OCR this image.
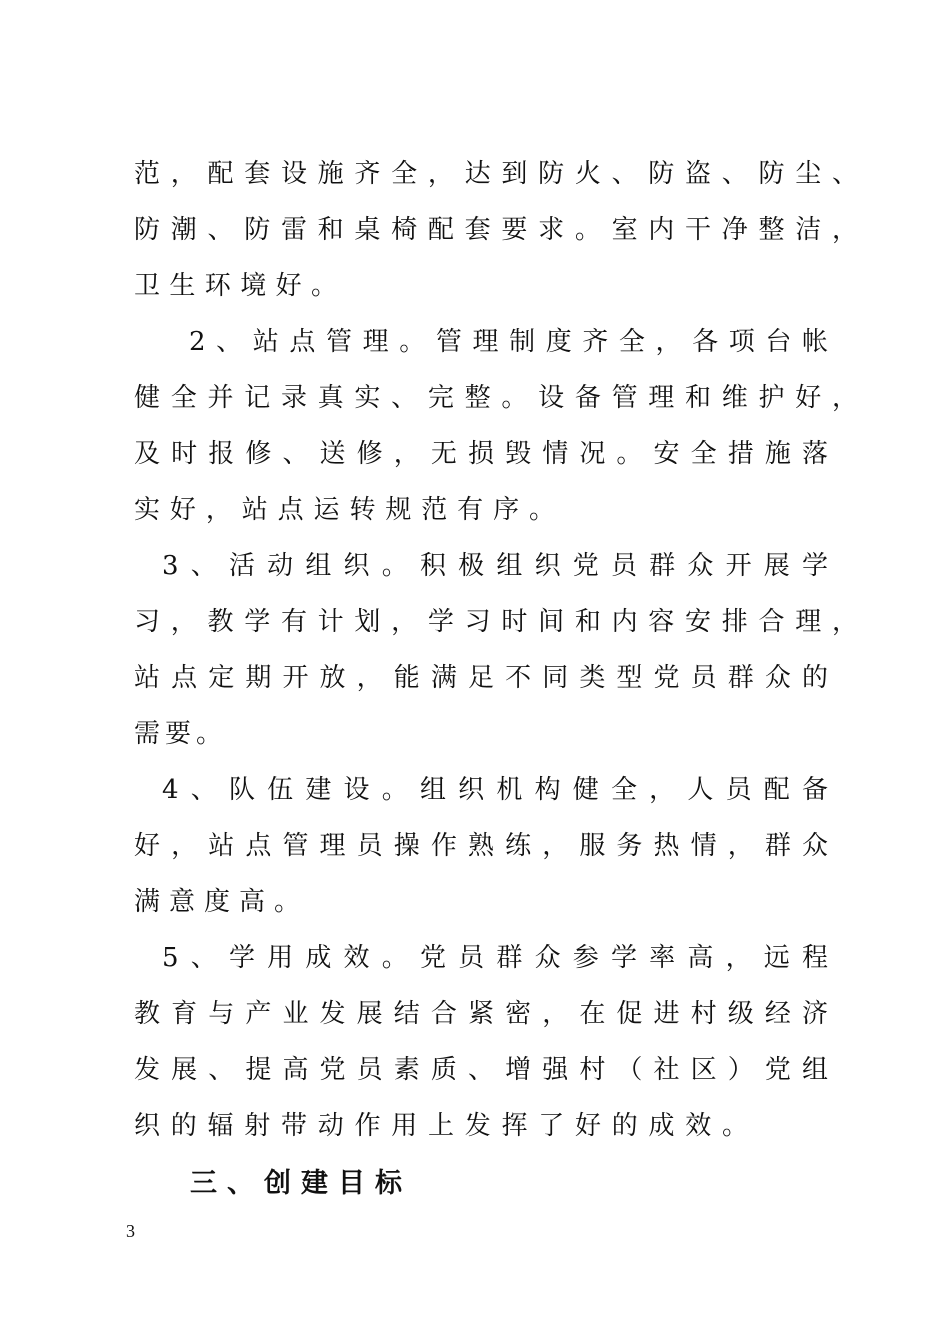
范，配套设施齐全，达到防火、防盗、防尘、
防潮、防雷和桌椅配套要求。室内干净整洁，
卫生环境好。
2、站点管理。管理制度齐全，各项台帐
健全并记录真实、完整。设备管理和维护好，
及时报修、送修，无损毁情况。安全措施落
实好，站点运转规范有序。
3、活动组织。积极组织党员群众开展学
习，教学有计划，学习时间和内容安排合理，
站点定期开放，能满足不同类型党员群众的
需要。
4、队伍建设。组织机构健全，人员配备
好，站点管理员操作熟练，服务热情，群众
满意度高。
5、学用成效。党员群众参学率高，远程
教育与产业发展结合紧密，在促进村级经济
发展、提高党员素质、增强村（社区）党组
织的辐射带动作用上发挥了好的成效。
三、创建目标
3
